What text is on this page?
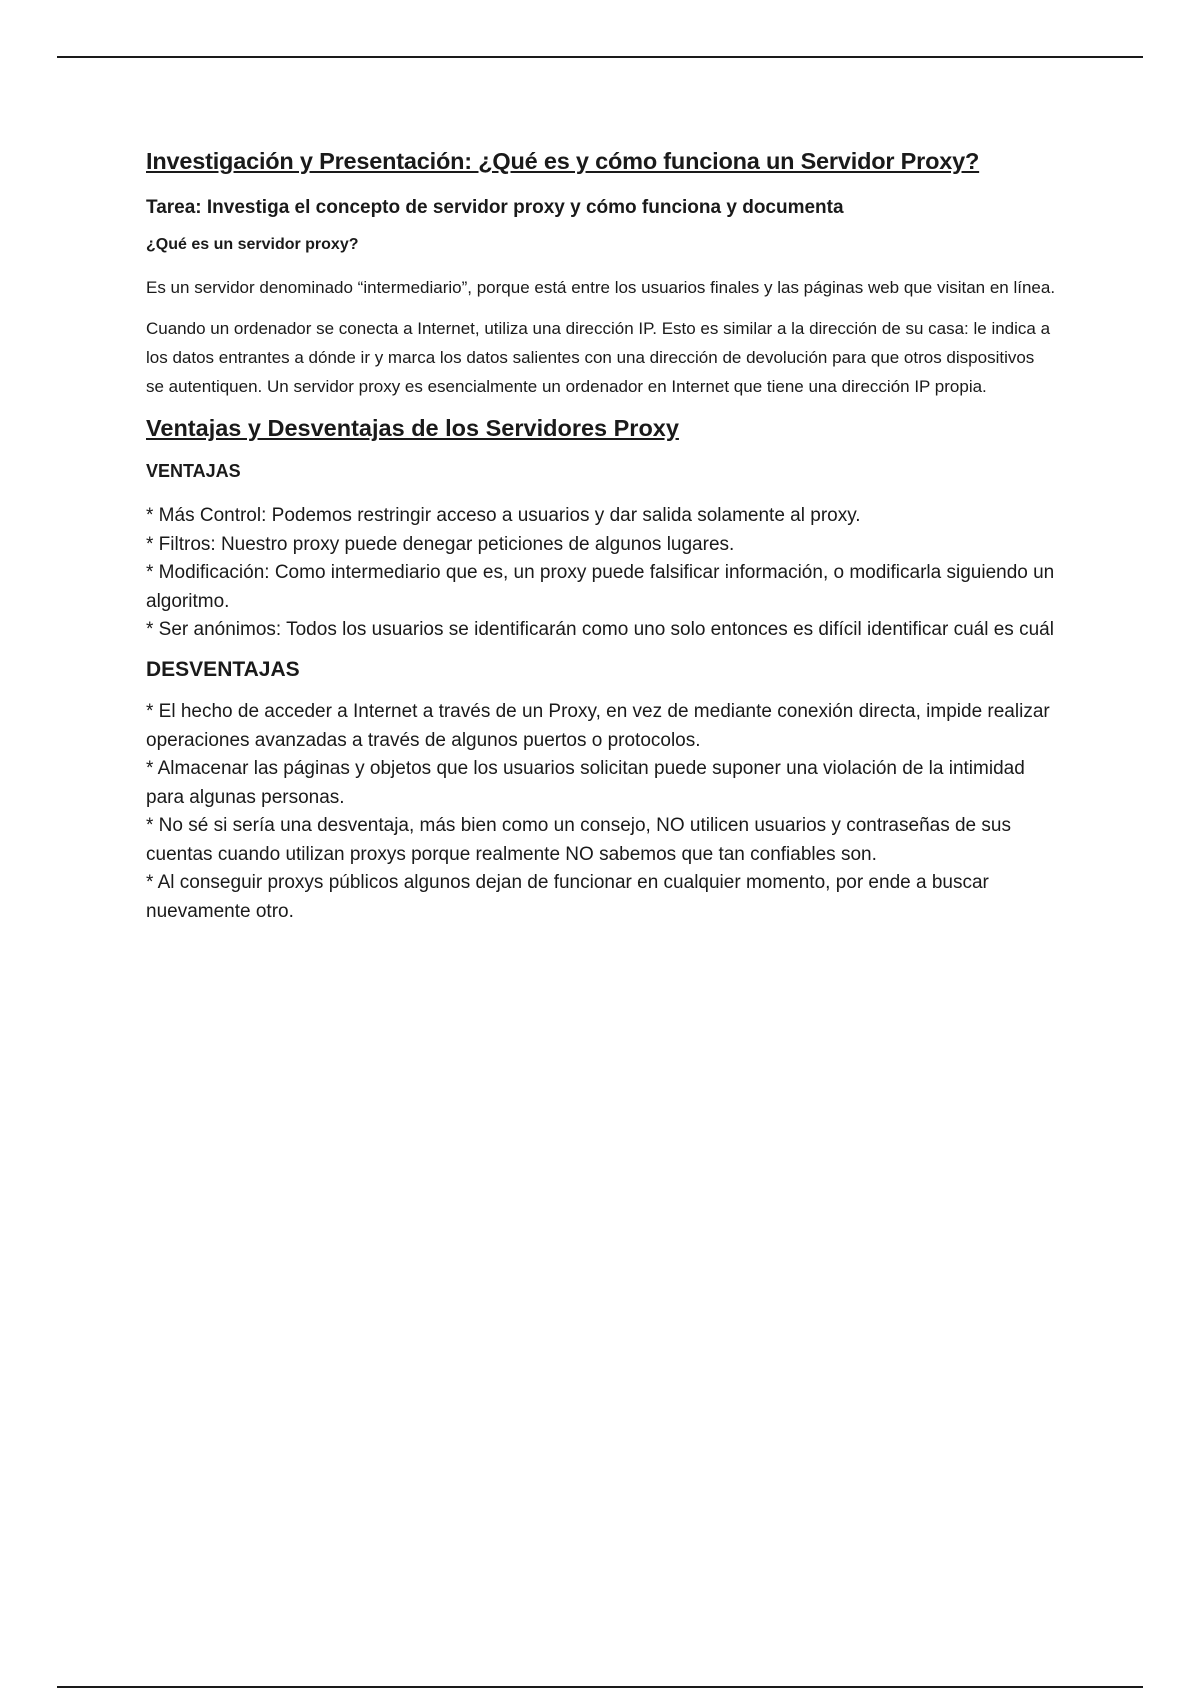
Investigación y Presentación: ¿Qué es y cómo funciona un Servidor Proxy?
Tarea: Investiga el concepto de servidor proxy y cómo funciona y documenta
¿Qué es un servidor proxy?

Es un servidor denominado “intermediario”, porque está entre los usuarios finales y las páginas web que visitan en línea.

Cuando un ordenador se conecta a Internet, utiliza una dirección IP. Esto es similar a la dirección de su casa: le indica a los datos entrantes a dónde ir y marca los datos salientes con una dirección de devolución para que otros dispositivos se autentiquen. Un servidor proxy es esencialmente un ordenador en Internet que tiene una dirección IP propia.

Ventajas y Desventajas de los Servidores Proxy
VENTAJAS
* Más Control: Podemos restringir acceso a usuarios y dar salida solamente al proxy.
* Filtros: Nuestro proxy puede denegar peticiones de algunos lugares.
* Modificación: Como intermediario que es, un proxy puede falsificar información, o modificarla siguiendo un algoritmo.
* Ser anónimos: Todos los usuarios se identificarán como uno solo entonces es difícil identificar cuál es cuál
DESVENTAJAS
* El hecho de acceder a Internet a través de un Proxy, en vez de mediante conexión directa, impide realizar operaciones avanzadas a través de algunos puertos o protocolos.
* Almacenar las páginas y objetos que los usuarios solicitan puede suponer una violación de la intimidad para algunas personas.
* No sé si sería una desventaja, más bien como un consejo, NO utilicen usuarios y contraseñas de sus cuentas cuando utilizan proxys porque realmente NO sabemos que tan confiables son.
* Al conseguir proxys públicos algunos dejan de funcionar en cualquier momento, por ende a buscar nuevamente otro.
